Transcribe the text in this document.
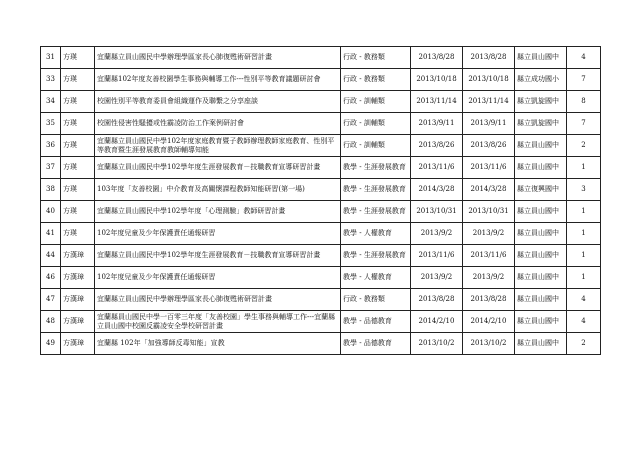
31	方瑛	宜蘭縣立員山國民中學辦理學區家長心肺復甦術研習計畫	行政 - 教務類	2013/8/28	2013/8/28	縣立員山國中	4
33	方瑛	宜蘭縣102年度友善校園學生事務與輔導工作---性別平等教育議題研討會	行政 - 教務類	2013/10/18	2013/10/18	縣立成功國小	7
34	方瑛	校園性別平等教育委員會組織運作及聯繫之分享座談	行政 - 訓輔類	2013/11/14	2013/11/14	縣立凱旋國中	8
35	方瑛	校園性侵害性騷擾或性霸凌防治工作案例研討會	行政 - 訓輔類	2013/9/11	2013/9/11	縣立凱旋國中	7
36	方瑛	宜蘭縣立員山國民中學102年度家庭教育暨子教師辦理教師家庭教育、性別平等教育暨生涯發展教育教師輔導知能	行政 - 訓輔類	2013/8/26	2013/8/26	縣立員山國中	2
37	方瑛	宜蘭縣立員山國民中學102學年度生涯發展教育－技職教育宣導研習計畫	教學 - 生涯發展教育	2013/11/6	2013/11/6	縣立員山國中	1
38	方瑛	103年度「友善校園」中介教育及高關懷課程教師知能研習(第一場)	教學 - 生涯發展教育	2014/3/28	2014/3/28	縣立復興國中	3
40	方瑛	宜蘭縣立員山國民中學102學年度「心理測驗」教師研習計畫	教學 - 生涯發展教育	2013/10/31	2013/10/31	縣立員山國中	1
41	方瑛	102年度兒童及少年保護責任通報研習	教學 - 人權教育	2013/9/2	2013/9/2	縣立員山國中	1
44	方漢璋	宜蘭縣立員山國民中學102學年度生涯發展教育－技職教育宣導研習計畫	教學 - 生涯發展教育	2013/11/6	2013/11/6	縣立員山國中	1
46	方漢璋	102年度兒童及少年保護責任通報研習	教學 - 人權教育	2013/9/2	2013/9/2	縣立員山國中	1
47	方漢璋	宜蘭縣立員山國民中學辦理學區家長心肺復甦術研習計畫	行政 - 教務類	2013/8/28	2013/8/28	縣立員山國中	4
48	方漢璋	宜蘭縣員山國民中學一百零三年度「友善校園」學生事務與輔導工作---宜蘭縣立員山國中校園反霸凌安全學校研習計畫	教學 - 品德教育	2014/2/10	2014/2/10	縣立員山國中	4
49	方漢璋	宜蘭縣 102年「加強導師反毒知能」宣教	教學 - 品德教育	2013/10/2	2013/10/2	縣立員山國中	2
